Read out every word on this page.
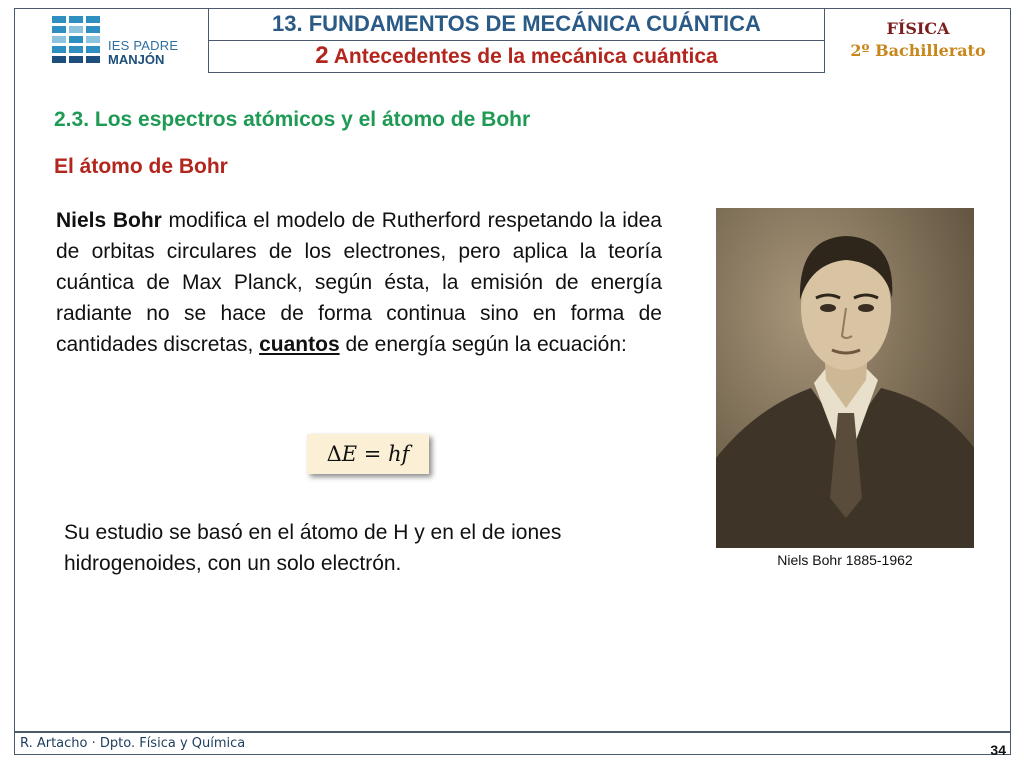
IES PADRE
MANJÓN
13. FUNDAMENTOS DE MECÁNICA CUÁNTICA
2 Antecedentes de la mecánica cuántica
FÍSICA
2º Bachillerato
2.3. Los espectros atómicos y el átomo de Bohr
El átomo de Bohr
Niels Bohr modifica el modelo de Rutherford respetando la idea de orbitas circulares de los electrones, pero aplica la teoría cuántica de Max Planck, según ésta, la emisión de energía radiante no se hace de forma continua sino en forma de cantidades discretas, cuantos de energía según la ecuación:
ΔE = hf
Su estudio se basó en el átomo de H y en el de iones hidrogenoides, con un solo electrón.	Niels Bohr 1885-1962
R. Artacho · Dpto. Física y Química	34
